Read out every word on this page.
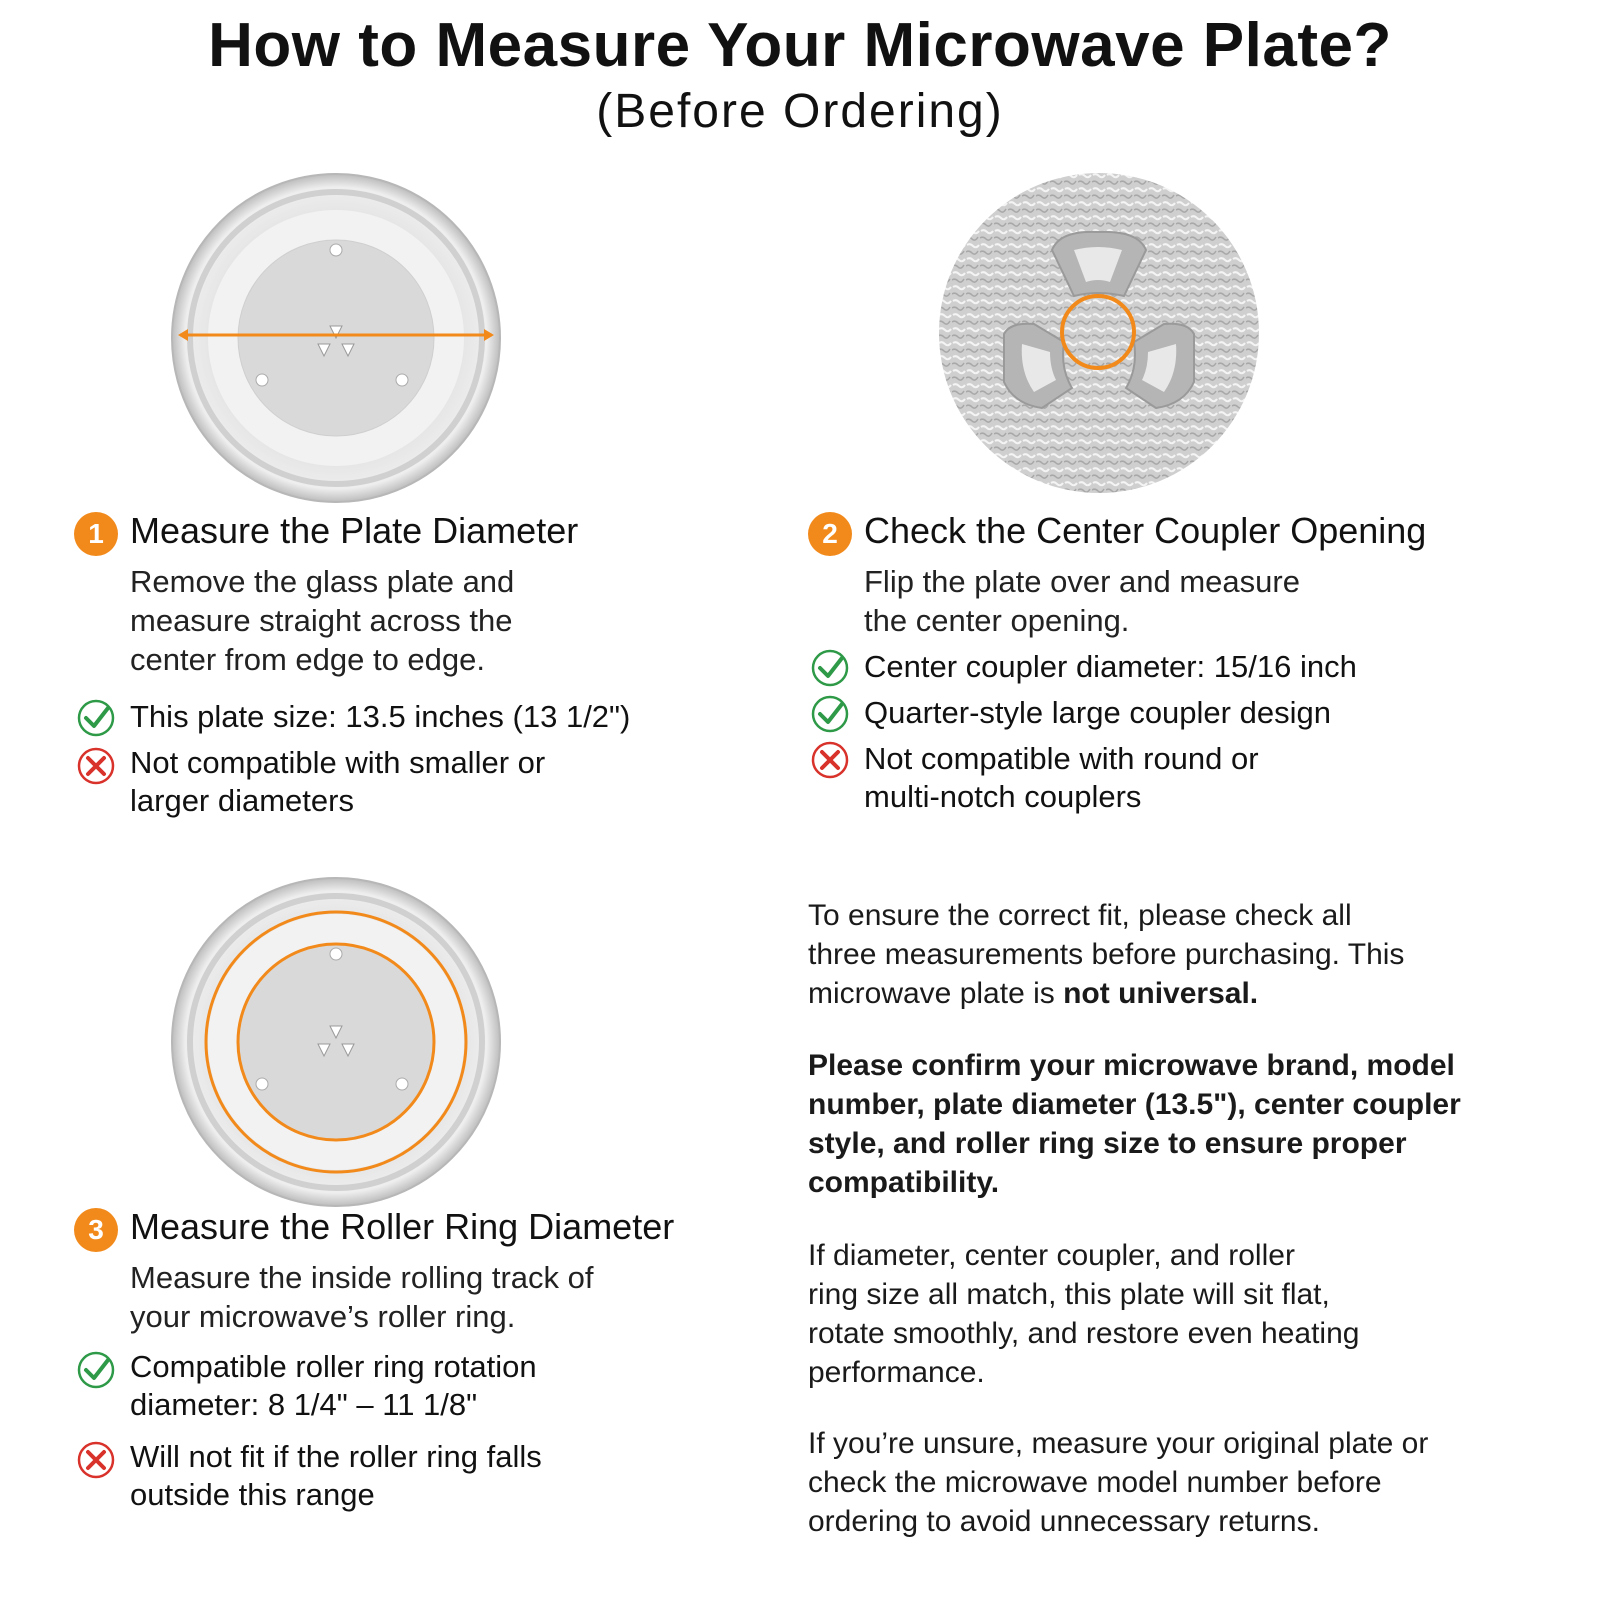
How to Measure Your Microwave Plate?
(Before Ordering)
1 Measure the Plate Diameter
Remove the glass plate and
measure straight across the
center from edge to edge.
This plate size: 13.5 inches (13 1/2")
Not compatible with smaller or
larger diameters
2 Check the Center Coupler Opening
Flip the plate over and measure
the center opening.
Center coupler diameter: 15/16 inch
Quarter-style large coupler design
Not compatible with round or
multi-notch couplers
3 Measure the Roller Ring Diameter
Measure the inside rolling track of
your microwave’s roller ring.
Compatible roller ring rotation
diameter: 8 1/4" – 11 1/8"
Will not fit if the roller ring falls
outside this range
To ensure the correct fit, please check all
three measurements before purchasing. This
microwave plate is not universal.
Please confirm your microwave brand, model
number, plate diameter (13.5"), center coupler
style, and roller ring size to ensure proper
compatibility.
If diameter, center coupler, and roller
ring size all match, this plate will sit flat,
rotate smoothly, and restore even heating
performance.
If you’re unsure, measure your original plate or
check the microwave model number before
ordering to avoid unnecessary returns.
